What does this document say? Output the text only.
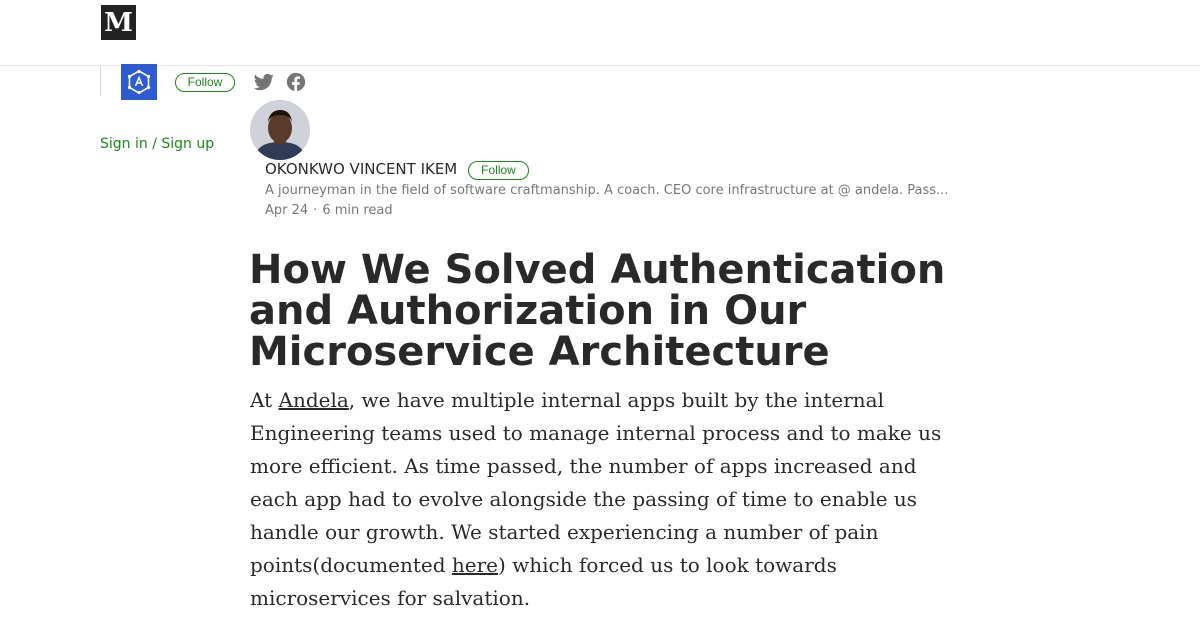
M
Follow
Sign in / Sign up
OKONKWO VINCENT IKEM	Follow
A journeyman in the field of software craftmanship. A coach. CEO core infrastructure at @ andela. Pass...
Apr 24 · 6 min read
How We Solved Authentication and Authorization in Our Microservice Architecture

At Andela, we have multiple internal apps built by the internal Engineering teams used to manage internal process and to make us more efficient. As time passed, the number of apps increased and each app had to evolve alongside the passing of time to enable us handle our growth. We started experiencing a number of pain points(documented here) which forced us to look towards microservices for salvation.
